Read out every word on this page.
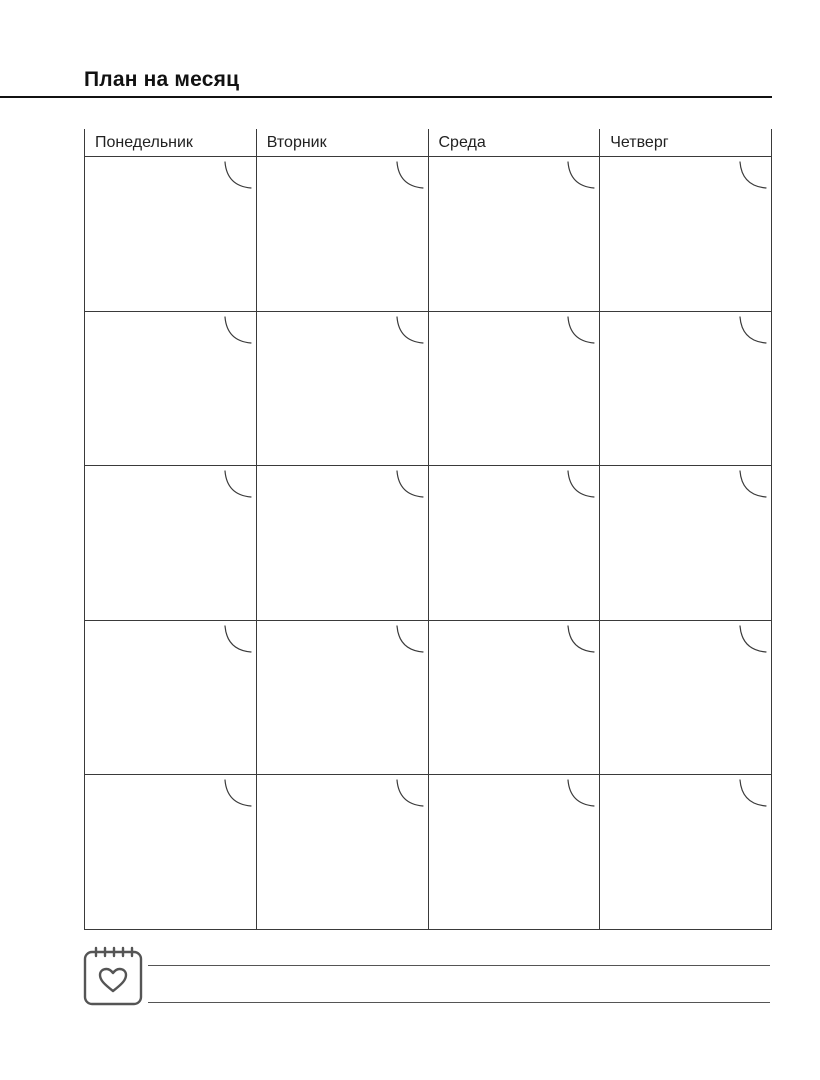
План на месяц
Понедельник	Вторник	Среда	Четверг
